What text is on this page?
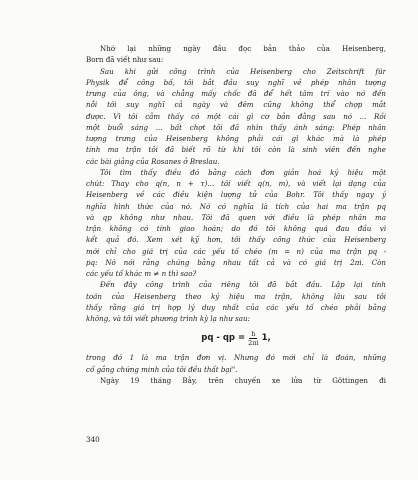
Nhớ lại những ngày đầu đọc bản thảo của Heisenberg,
Born đã viết như sau:
Sau khi gửi công trình của Heisenberg cho Zeitschrift für
Physik để công bố, tôi bắt đầu suy nghĩ về phép nhân tượng
trưng của ông, và chẳng mấy chốc đã để hết tâm trí vào nó đến
nỗi tôi suy nghĩ cả ngày và đêm cũng không thể chợp mắt
được. Vì tôi cảm thấy có một cái gì cơ bản đằng sau nó ... Rồi
một buổi sáng ... bất chợt tôi đã nhìn thấy ánh sáng: Phép nhân
tượng trưng của Heisenberg không phải cái gì khác mà là phép
tính ma trận tôi đã biết rõ từ khi tôi còn là sinh viên đến nghe
các bài giảng của Rosanes ở Breslau.
Tôi tìm thấy điều đó bằng cách đơn giản hoá ký hiệu một
chút: Thay cho q(n, n + τ)... tôi viết q(n, m), và viết lại dạng của
Heisenberg về các điều kiện lượng tử của Bohr. Tôi thấy ngay ý
nghĩa hình thức của nó. Nó có nghĩa là tích của hai ma trận pq
và qp không như nhau. Tôi đã quen với điều là phép nhân ma
trận không có tính giao hoán; do đó tôi không quá đau đầu vì
kết quả đó. Xem xét kỹ hơn, tôi thấy công thức của Heisenberg
mới chỉ cho giá trị của các yếu tố chéo (m = n) của ma trận pq -
pq: Nó nói rằng chúng bằng nhau tất cả và có giá trị 2πi. Còn
các yếu tố khác m ≠ n thì sao?
Đến đây công trình của riêng tôi đã bắt đầu. Lập lại tính
toán của Heisenberg theo ký hiệu ma trận, không lâu sau tôi
thấy rằng giá trị hợp lý duy nhất của các yếu tố chéo phải bằng
không, và tôi viết phương trình kỳ lạ như sau:
pq - qp = $\frac{h}{2\pi i} 1$,
trong đó 1 là ma trận đơn vị. Nhưng đó mới chỉ là đoán, những
cố gắng chứng minh của tôi đều thất bại".
Ngày 19 tháng Bảy, trên chuyến xe lửa từ Göttingen đi
340
